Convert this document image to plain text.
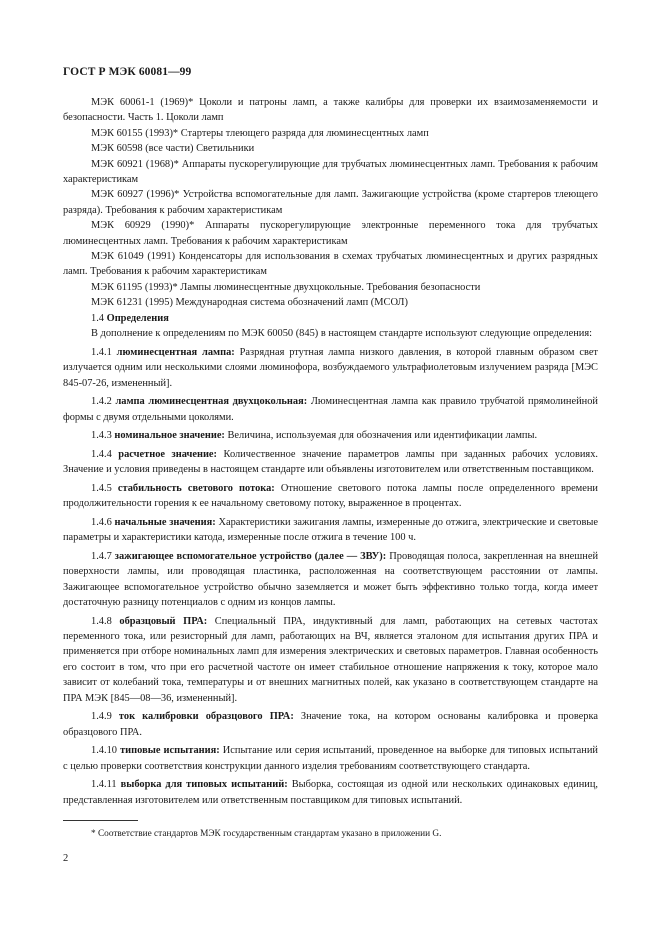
ГОСТ Р МЭК 60081—99

МЭК 60061-1 (1969)* Цоколи и патроны ламп, а также калибры для проверки их взаимозаменяемости и безопасности. Часть 1. Цоколи ламп

МЭК 60155 (1993)* Стартеры тлеющего разряда для люминесцентных ламп

МЭК 60598 (все части) Светильники

МЭК 60921 (1968)* Аппараты пускорегулирующие для трубчатых люминесцентных ламп. Требования к рабочим характеристикам

МЭК 60927 (1996)* Устройства вспомогательные для ламп. Зажигающие устройства (кроме стартеров тлеющего разряда). Требования к рабочим характеристикам

МЭК 60929 (1990)* Аппараты пускорегулирующие электронные переменного тока для трубчатых люминесцентных ламп. Требования к рабочим характеристикам

МЭК 61049 (1991) Конденсаторы для использования в схемах трубчатых люминесцентных и других разрядных ламп. Требования к рабочим характеристикам

МЭК 61195 (1993)* Лампы люминесцентные двухцокольные. Требования безопасности

МЭК 61231 (1995) Международная система обозначений ламп (МСОЛ)

1.4 Определения

В дополнение к определениям по МЭК 60050 (845) в настоящем стандарте используют следующие определения:

1.4.1 люминесцентная лампа: Разрядная ртутная лампа низкого давления, в которой главным образом свет излучается одним или несколькими слоями люминофора, возбуждаемого ультрафиолетовым излучением разряда [МЭС 845-07-26, измененный].

1.4.2 лампа люминесцентная двухцокольная: Люминесцентная лампа как правило трубчатой прямолинейной формы с двумя отдельными цоколями.

1.4.3 номинальное значение: Величина, используемая для обозначения или идентификации лампы.

1.4.4 расчетное значение: Количественное значение параметров лампы при заданных рабочих условиях. Значение и условия приведены в настоящем стандарте или объявлены изготовителем или ответственным поставщиком.

1.4.5 стабильность светового потока: Отношение светового потока лампы после определенного времени продолжительности горения к ее начальному световому потоку, выраженное в процентах.

1.4.6 начальные значения: Характеристики зажигания лампы, измеренные до отжига, электрические и световые параметры и характеристики катода, измеренные после отжига в течение 100 ч.

1.4.7 зажигающее вспомогательное устройство (далее — ЗВУ): Проводящая полоса, закрепленная на внешней поверхности лампы, или проводящая пластинка, расположенная на соответствующем расстоянии от лампы. Зажигающее вспомогательное устройство обычно заземляется и может быть эффективно только тогда, когда имеет достаточную разницу потенциалов с одним из концов лампы.

1.4.8 образцовый ПРА: Специальный ПРА, индуктивный для ламп, работающих на сетевых частотах переменного тока, или резисторный для ламп, работающих на ВЧ, является эталоном для испытания других ПРА и применяется при отборе номинальных ламп для измерения электрических и световых параметров. Главная особенность его состоит в том, что при его расчетной частоте он имеет стабильное отношение напряжения к току, которое мало зависит от колебаний тока, температуры и от внешних магнитных полей, как указано в соответствующем стандарте на ПРА МЭК [845—08—36, измененный].

1.4.9 ток калибровки образцового ПРА: Значение тока, на котором основаны калибровка и проверка образцового ПРА.

1.4.10 типовые испытания: Испытание или серия испытаний, проведенное на выборке для типовых испытаний с целью проверки соответствия конструкции данного изделия требованиям соответствующего стандарта.

1.4.11 выборка для типовых испытаний: Выборка, состоящая из одной или нескольких одинаковых единиц, представленная изготовителем или ответственным поставщиком для типовых испытаний.

* Соответствие стандартов МЭК государственным стандартам указано в приложении G.
2
